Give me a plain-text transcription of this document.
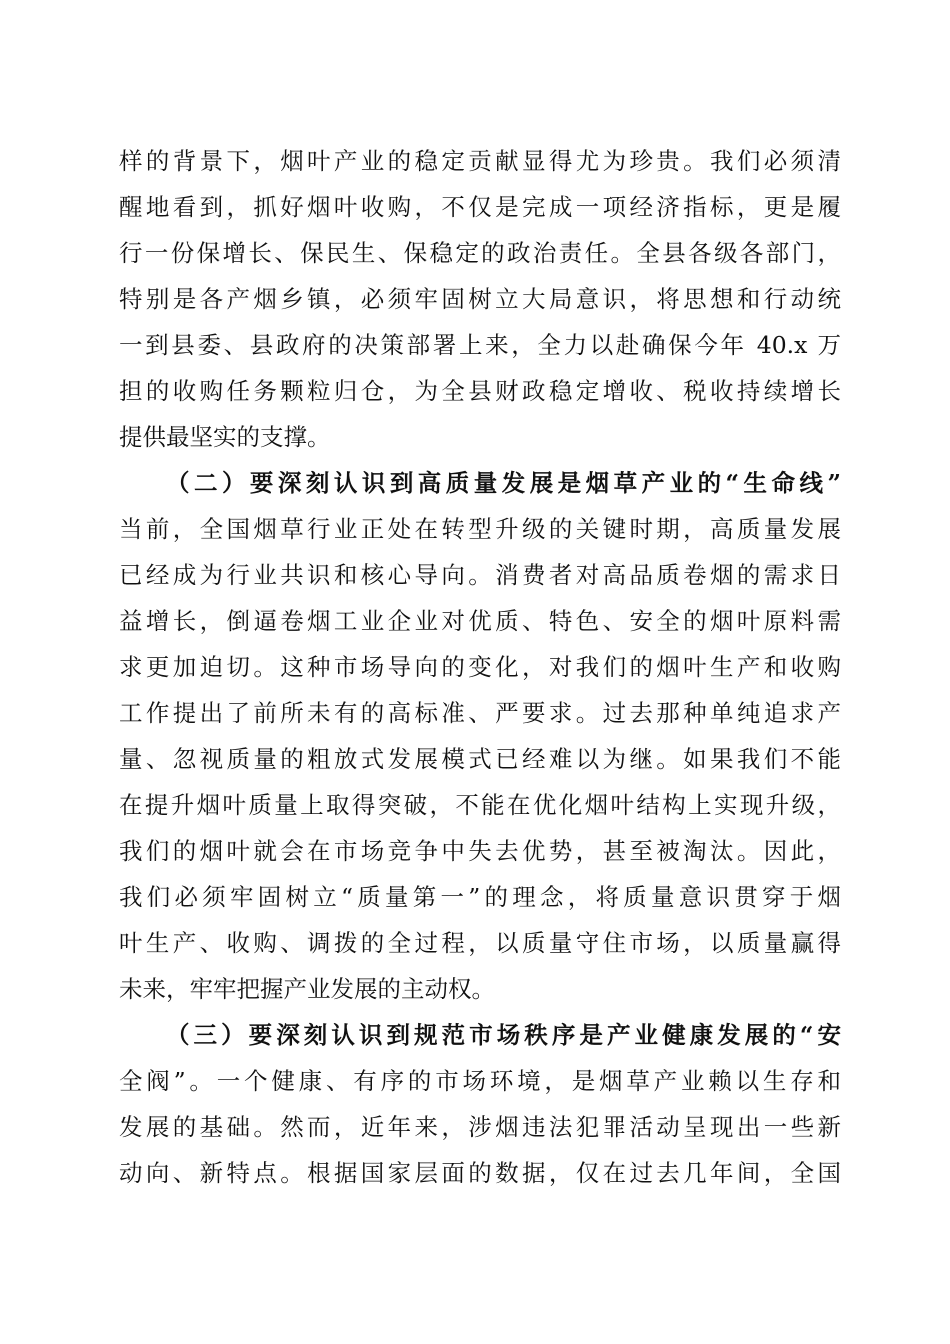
样的背景下，烟叶产业的稳定贡献显得尤为珍贵。我们必须清
醒地看到，抓好烟叶收购，不仅是完成一项经济指标，更是履
行一份保增长、保民生、保稳定的政治责任。全县各级各部门，
特别是各产烟乡镇，必须牢固树立大局意识，将思想和行动统
一到县委、县政府的决策部署上来，全力以赴确保今年 40.x 万
担的收购任务颗粒归仓，为全县财政稳定增收、税收持续增长
提供最坚实的支撑。
（二）要深刻认识到高质量发展是烟草产业的“生命线”
当前，全国烟草行业正处在转型升级的关键时期，高质量发展
已经成为行业共识和核心导向。消费者对高品质卷烟的需求日
益增长，倒逼卷烟工业企业对优质、特色、安全的烟叶原料需
求更加迫切。这种市场导向的变化，对我们的烟叶生产和收购
工作提出了前所未有的高标准、严要求。过去那种单纯追求产
量、忽视质量的粗放式发展模式已经难以为继。如果我们不能
在提升烟叶质量上取得突破，不能在优化烟叶结构上实现升级，
我们的烟叶就会在市场竞争中失去优势，甚至被淘汰。因此，
我们必须牢固树立“质量第一”的理念，将质量意识贯穿于烟
叶生产、收购、调拨的全过程，以质量守住市场，以质量赢得
未来，牢牢把握产业发展的主动权。
（三）要深刻认识到规范市场秩序是产业健康发展的“安
全阀”。一个健康、有序的市场环境，是烟草产业赖以生存和
发展的基础。然而，近年来，涉烟违法犯罪活动呈现出一些新
动向、新特点。根据国家层面的数据，仅在过去几年间，全国
